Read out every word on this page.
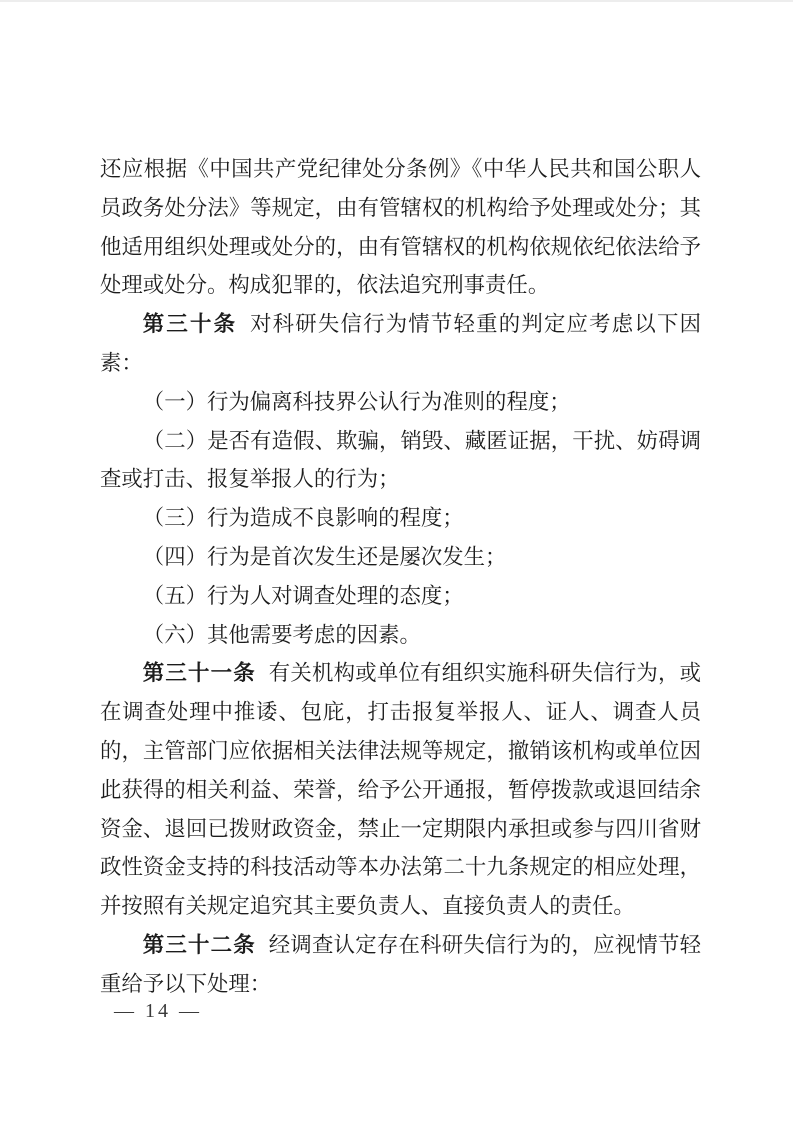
还应根据《中国共产党纪律处分条例》《中华人民共和国公职人员政务处分法》等规定，由有管辖权的机构给予处理或处分；其他适用组织处理或处分的，由有管辖权的机构依规依纪依法给予处理或处分。构成犯罪的，依法追究刑事责任。

第三十条 对科研失信行为情节轻重的判定应考虑以下因素：

（一）行为偏离科技界公认行为准则的程度；

（二）是否有造假、欺骗，销毁、藏匿证据，干扰、妨碍调查或打击、报复举报人的行为；

（三）行为造成不良影响的程度；

（四）行为是首次发生还是屡次发生；

（五）行为人对调查处理的态度；

（六）其他需要考虑的因素。

第三十一条 有关机构或单位有组织实施科研失信行为，或在调查处理中推诿、包庇，打击报复举报人、证人、调查人员的，主管部门应依据相关法律法规等规定，撤销该机构或单位因此获得的相关利益、荣誉，给予公开通报，暂停拨款或退回结余资金、退回已拨财政资金，禁止一定期限内承担或参与四川省财政性资金支持的科技活动等本办法第二十九条规定的相应处理，并按照有关规定追究其主要负责人、直接负责人的责任。

第三十二条 经调查认定存在科研失信行为的，应视情节轻重给予以下处理：

— 14 —
